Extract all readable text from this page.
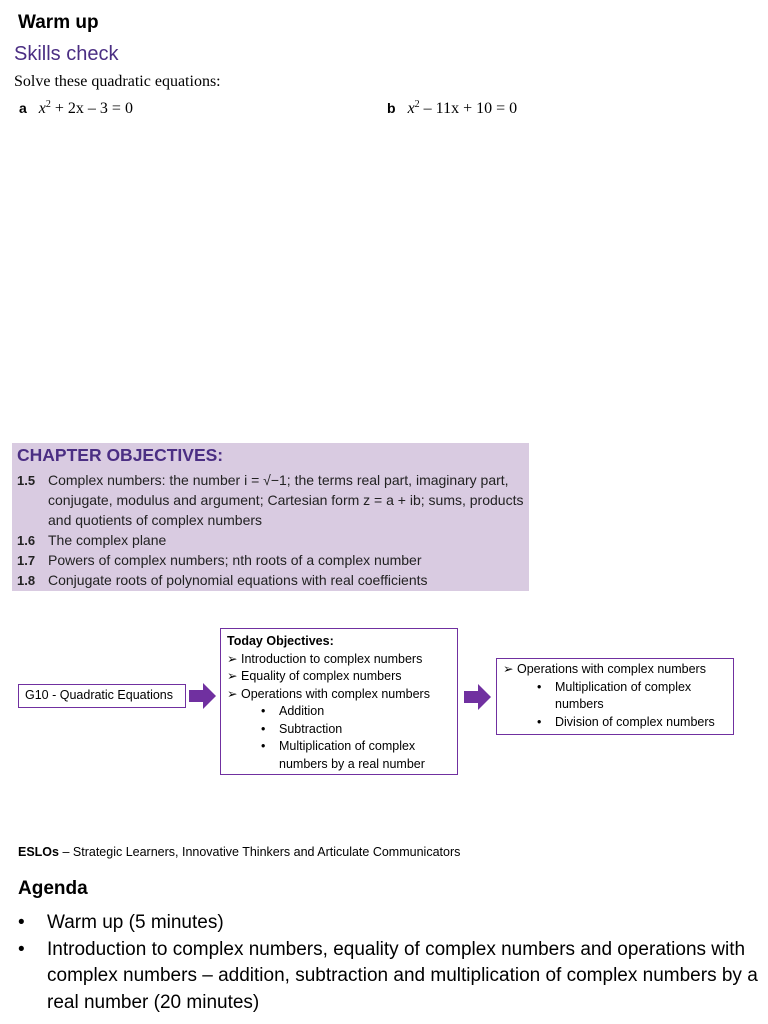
Warm up
Skills check
Solve these quadratic equations:
a $x^2 + 2x - 3 = 0$	b $x^2 - 11x + 10 = 0$
CHAPTER OBJECTIVES:
1.5 Complex numbers: the number i = √−1; the terms real part, imaginary part, conjugate, modulus and argument; Cartesian form z = a + ib; sums, products and quotients of complex numbers
1.6 The complex plane
1.7 Powers of complex numbers; nth roots of a complex number
1.8 Conjugate roots of polynomial equations with real coefficients
G10 - Quadratic Equations
Today Objectives:
➢ Introduction to complex numbers
➢ Equality of complex numbers
➢ Operations with complex numbers
• Addition
• Subtraction
• Multiplication of complex numbers by a real number
➢ Operations with complex numbers
• Multiplication of complex numbers
• Division of complex numbers
ESLOs – Strategic Learners, Innovative Thinkers and Articulate Communicators
Agenda
• Warm up (5 minutes)
• Introduction to complex numbers, equality of complex numbers and operations with complex numbers – addition, subtraction and multiplication of complex numbers by a real number (20 minutes)
